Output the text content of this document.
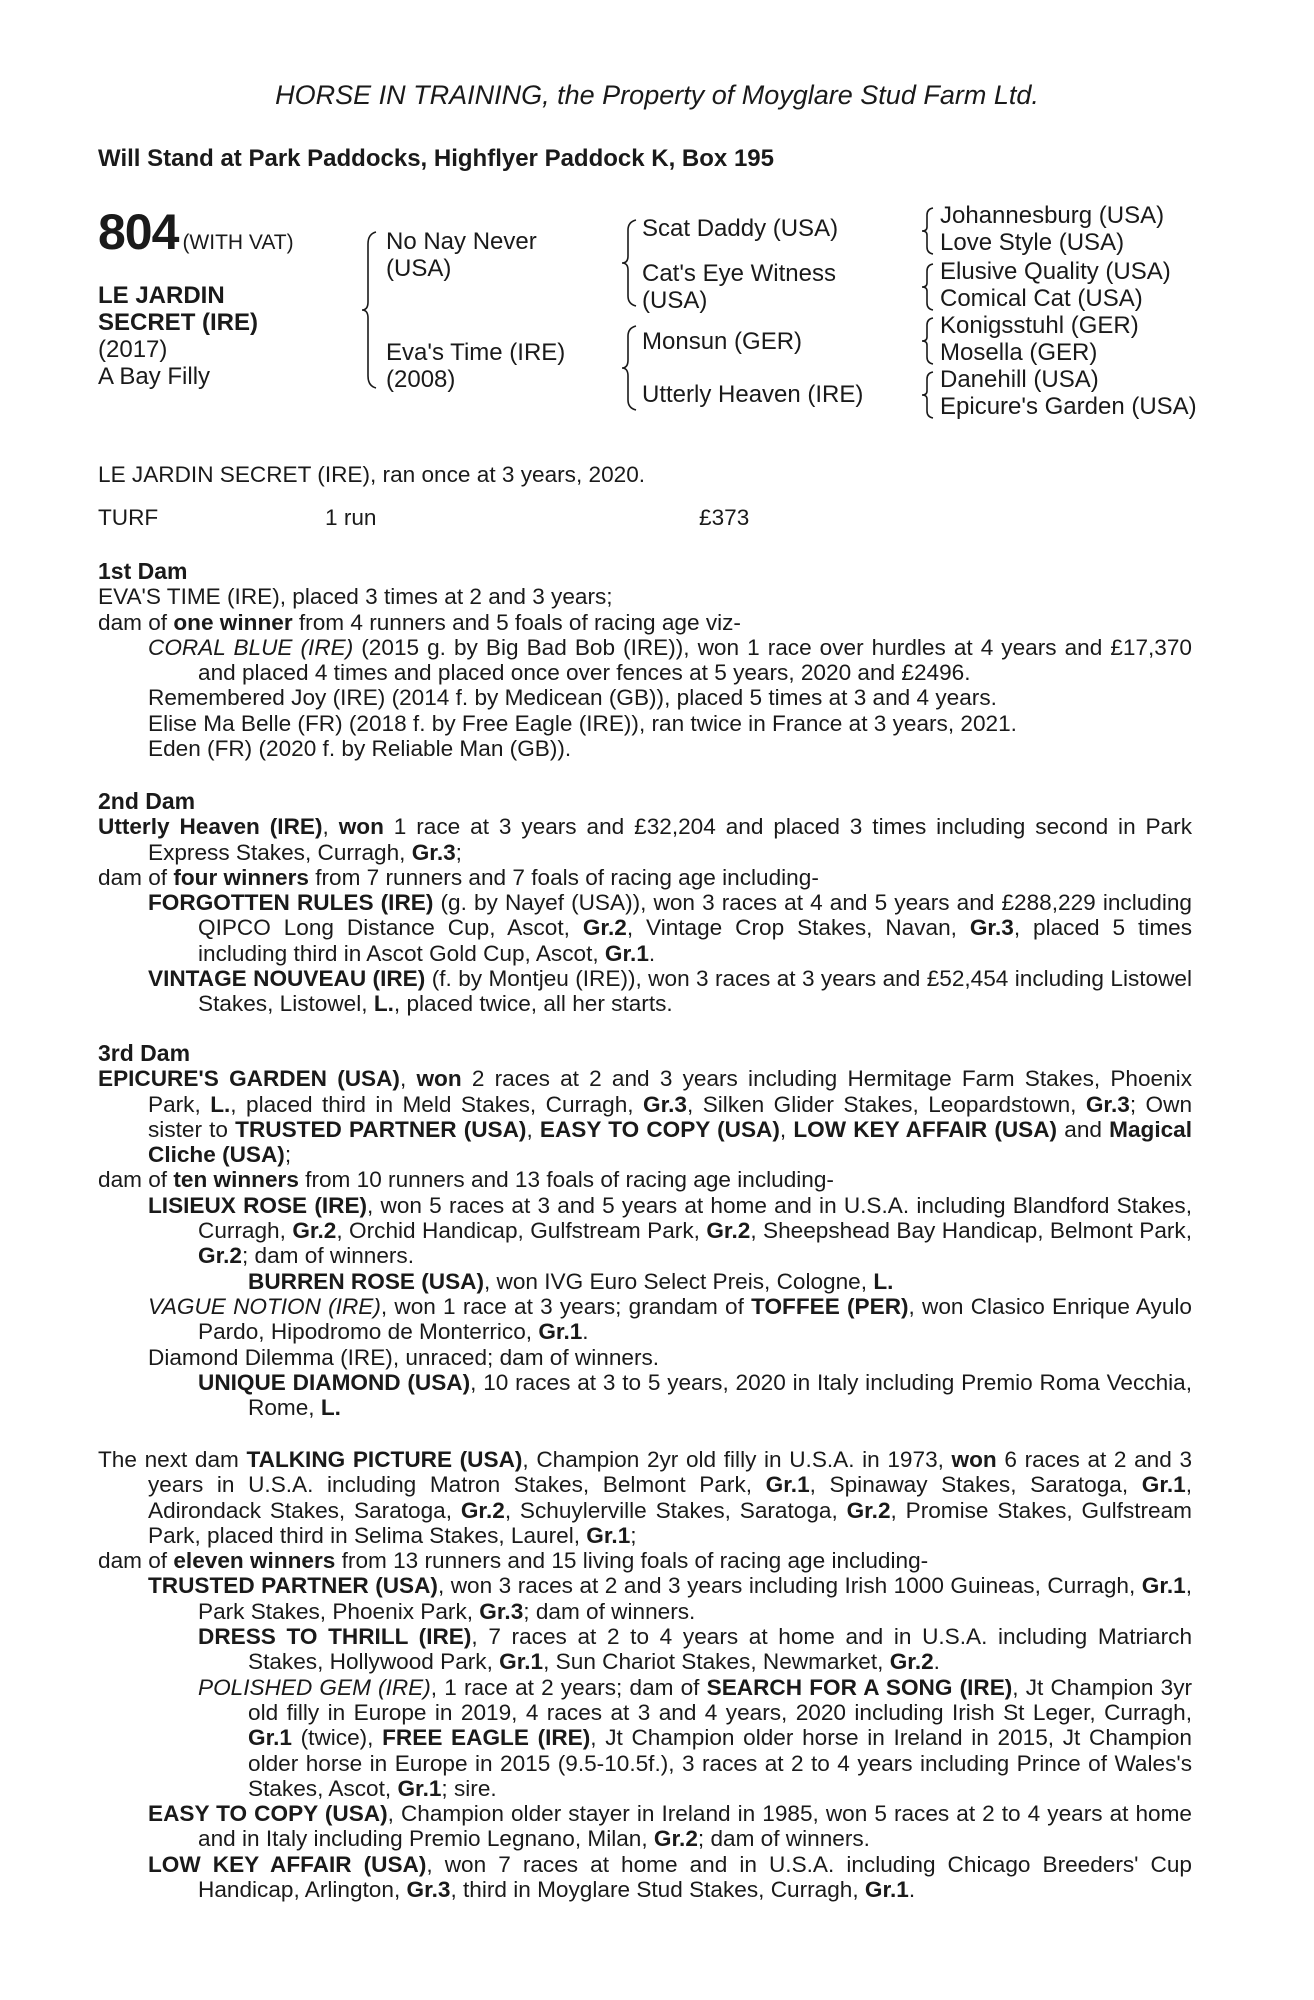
HORSE IN TRAINING, the Property of Moyglare Stud Farm Ltd.
Will Stand at Park Paddocks, Highflyer Paddock K, Box 195
804 (WITH VAT)
LE JARDIN
SECRET (IRE)
(2017)
A Bay Filly
No Nay Never
(USA)
Eva's Time (IRE)
(2008)
Scat Daddy (USA)
Cat's Eye Witness
(USA)
Monsun (GER)
Utterly Heaven (IRE)
Johannesburg (USA)
Love Style (USA)
Elusive Quality (USA)
Comical Cat (USA)
Konigsstuhl (GER)
Mosella (GER)
Danehill (USA)
Epicure's Garden (USA)

LE JARDIN SECRET (IRE), ran once at 3 years, 2020.

TURF	1 run	£373

1st Dam

EVA'S TIME (IRE), placed 3 times at 2 and 3 years;

dam of one winner from 4 runners and 5 foals of racing age viz-

CORAL BLUE (IRE) (2015 g. by Big Bad Bob (IRE)), won 1 race over hurdles at 4 years and £17,370 and placed 4 times and placed once over fences at 5 years, 2020 and £2496.

Remembered Joy (IRE) (2014 f. by Medicean (GB)), placed 5 times at 3 and 4 years.

Elise Ma Belle (FR) (2018 f. by Free Eagle (IRE)), ran twice in France at 3 years, 2021.

Eden (FR) (2020 f. by Reliable Man (GB)).

2nd Dam

Utterly Heaven (IRE), won 1 race at 3 years and £32,204 and placed 3 times including second in Park Express Stakes, Curragh, Gr.3;

dam of four winners from 7 runners and 7 foals of racing age including-

FORGOTTEN RULES (IRE) (g. by Nayef (USA)), won 3 races at 4 and 5 years and £288,229 including QIPCO Long Distance Cup, Ascot, Gr.2, Vintage Crop Stakes, Navan, Gr.3, placed 5 times including third in Ascot Gold Cup, Ascot, Gr.1.

VINTAGE NOUVEAU (IRE) (f. by Montjeu (IRE)), won 3 races at 3 years and £52,454 including Listowel Stakes, Listowel, L., placed twice, all her starts.

3rd Dam

EPICURE'S GARDEN (USA), won 2 races at 2 and 3 years including Hermitage Farm Stakes, Phoenix Park, L., placed third in Meld Stakes, Curragh, Gr.3, Silken Glider Stakes, Leopardstown, Gr.3; Own sister to TRUSTED PARTNER (USA), EASY TO COPY (USA), LOW KEY AFFAIR (USA) and Magical Cliche (USA);

dam of ten winners from 10 runners and 13 foals of racing age including-

LISIEUX ROSE (IRE), won 5 races at 3 and 5 years at home and in U.S.A. including Blandford Stakes, Curragh, Gr.2, Orchid Handicap, Gulfstream Park, Gr.2, Sheepshead Bay Handicap, Belmont Park, Gr.2; dam of winners.

BURREN ROSE (USA), won IVG Euro Select Preis, Cologne, L.

VAGUE NOTION (IRE), won 1 race at 3 years; grandam of TOFFEE (PER), won Clasico Enrique Ayulo Pardo, Hipodromo de Monterrico, Gr.1.

Diamond Dilemma (IRE), unraced; dam of winners.

UNIQUE DIAMOND (USA), 10 races at 3 to 5 years, 2020 in Italy including Premio Roma Vecchia, Rome, L.

The next dam TALKING PICTURE (USA), Champion 2yr old filly in U.S.A. in 1973, won 6 races at 2 and 3 years in U.S.A. including Matron Stakes, Belmont Park, Gr.1, Spinaway Stakes, Saratoga, Gr.1, Adirondack Stakes, Saratoga, Gr.2, Schuylerville Stakes, Saratoga, Gr.2, Promise Stakes, Gulfstream Park, placed third in Selima Stakes, Laurel, Gr.1;

dam of eleven winners from 13 runners and 15 living foals of racing age including-

TRUSTED PARTNER (USA), won 3 races at 2 and 3 years including Irish 1000 Guineas, Curragh, Gr.1, Park Stakes, Phoenix Park, Gr.3; dam of winners.

DRESS TO THRILL (IRE), 7 races at 2 to 4 years at home and in U.S.A. including Matriarch Stakes, Hollywood Park, Gr.1, Sun Chariot Stakes, Newmarket, Gr.2.

POLISHED GEM (IRE), 1 race at 2 years; dam of SEARCH FOR A SONG (IRE), Jt Champion 3yr old filly in Europe in 2019, 4 races at 3 and 4 years, 2020 including Irish St Leger, Curragh, Gr.1 (twice), FREE EAGLE (IRE), Jt Champion older horse in Ireland in 2015, Jt Champion older horse in Europe in 2015 (9.5-10.5f.), 3 races at 2 to 4 years including Prince of Wales's Stakes, Ascot, Gr.1; sire.

EASY TO COPY (USA), Champion older stayer in Ireland in 1985, won 5 races at 2 to 4 years at home and in Italy including Premio Legnano, Milan, Gr.2; dam of winners.

LOW KEY AFFAIR (USA), won 7 races at home and in U.S.A. including Chicago Breeders' Cup Handicap, Arlington, Gr.3, third in Moyglare Stud Stakes, Curragh, Gr.1.
